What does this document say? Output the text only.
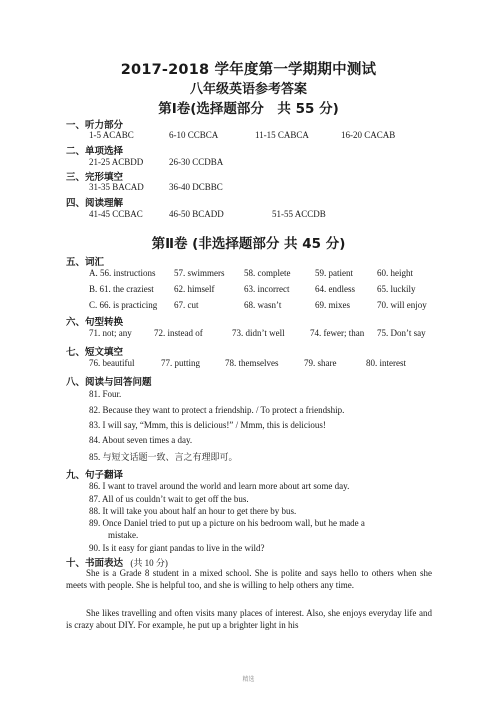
2017-2018 学年度第一学期期中测试
八年级英语参考答案
第Ⅰ卷(选择题部分　共 55 分)
一、听力部分
1-5 ACABC	6-10 CCBCA	11-15 CABCA	16-20 CACAB
二、单项选择
21-25 ACBDD	26-30 CCDBA
三、完形填空
31-35 BACAD	36-40 DCBBC
四、阅读理解
41-45 CCBAC	46-50 BCADD	51-55 ACCDB
第Ⅱ卷 (非选择题部分 共 45 分)
五、词汇
A. 56. instructions 57. swimmers 58. complete	59. patient	60. height
B. 61. the craziest 62. himself	63. incorrect	64. endless 65. luckily
C. 66. is practicing 67. cut	68. wasn’t	69. mixes	70. will enjoy
六、句型转换
71. not; any 72. instead of	73. didn’t well	74. fewer; than 75. Don’t say
七、短文填空
76. beautiful	77. putting	78. themselves	79. share	80. interest
八、阅读与回答问题
81. Four.
82. Because they want to protect a friendship. / To protect a friendship.
83. I will say, “Mmm, this is delicious!” / Mmm, this is delicious!
84. About seven times a day.
85. 与短文话题一致、言之有理即可。
九、句子翻译
86. I want to travel around the world and learn more about art some day.
87. All of us couldn’t wait to get off the bus.
88. It will take you about half an hour to get there by bus.
89. Once Daniel tried to put up a picture on his bedroom wall, but he made a
mistake.
90. Is it easy for giant pandas to live in the wild?
十、书面表达 (共 10 分)
She is a Grade 8 student in a mixed school. She is polite and says hello to others when she meets with people. She is helpful too, and she is willing to help others any time.
She likes travelling and often visits many places of interest. Also, she enjoys everyday life and is crazy about DIY. For example, he put up a brighter light in his
精选
